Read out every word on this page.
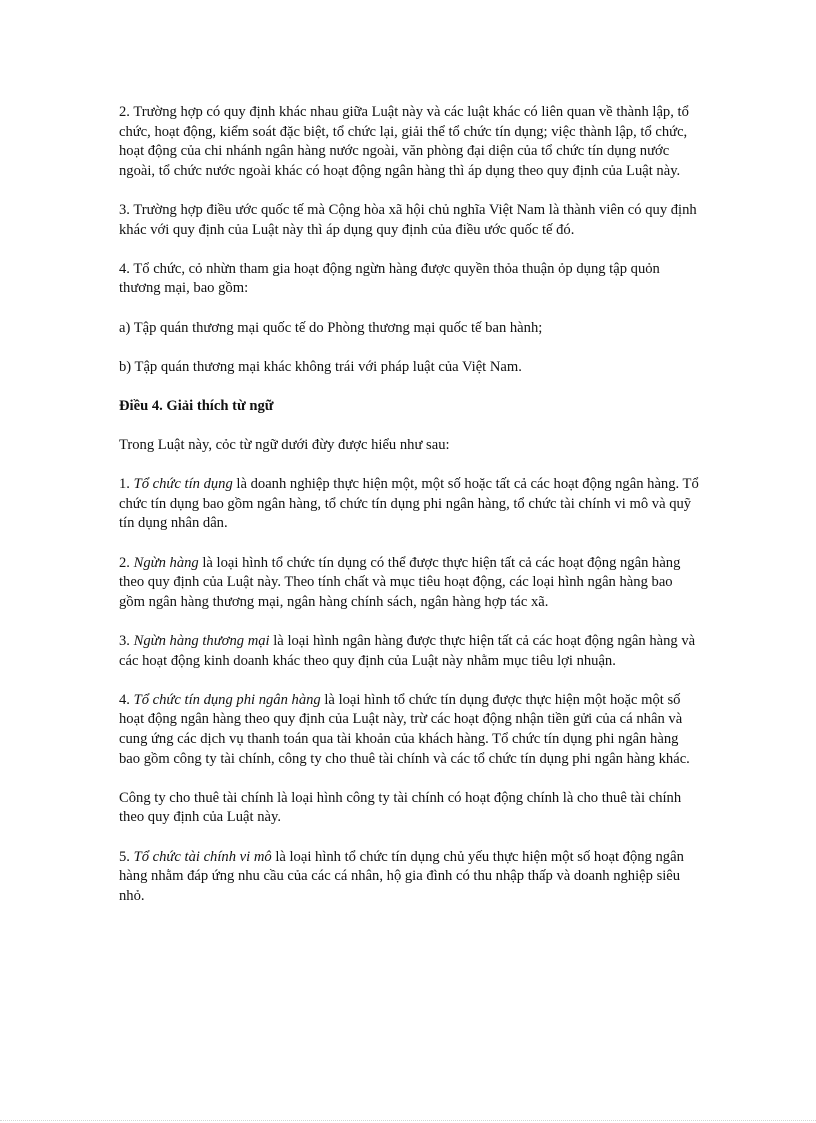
2. Trường hợp có quy định khác nhau giữa Luật này và các luật khác có liên quan về thành lập, tổ chức, hoạt động, kiểm soát đặc biệt, tổ chức lại, giải thể tổ chức tín dụng; việc thành lập, tổ chức, hoạt động của chi nhánh ngân hàng nước ngoài, văn phòng đại diện của tổ chức tín dụng nước ngoài, tổ chức nước ngoài khác có hoạt động ngân hàng thì áp dụng theo quy định của Luật này.

3. Trường hợp điều ước quốc tế mà Cộng hòa xã hội chủ nghĩa Việt Nam là thành viên có quy định khác với quy định của Luật này thì áp dụng quy định của điều ước quốc tế đó.

4. Tổ chức, cỏ nhừn tham gia hoạt động ngừn hàng được quyền thỏa thuận ỏp dụng tập quỏn thương mại, bao gồm:

a) Tập quán thương mại quốc tế do Phòng thương mại quốc tế ban hành;

b) Tập quán thương mại khác không trái với pháp luật của Việt Nam.

Điều 4. Giải thích từ ngữ

Trong Luật này, cỏc từ ngữ dưới đừy được hiểu như sau:

1. Tổ chức tín dụng là doanh nghiệp thực hiện một, một số hoặc tất cả các hoạt động ngân hàng. Tổ chức tín dụng bao gồm ngân hàng, tổ chức tín dụng phi ngân hàng, tổ chức tài chính vi mô và quỹ tín dụng nhân dân.

2. Ngừn hàng là loại hình tổ chức tín dụng có thể được thực hiện tất cả các hoạt động ngân hàng theo quy định của Luật này. Theo tính chất và mục tiêu hoạt động, các loại hình ngân hàng bao gồm ngân hàng thương mại, ngân hàng chính sách, ngân hàng hợp tác xã.

3. Ngừn hàng thương mại là loại hình ngân hàng được thực hiện tất cả các hoạt động ngân hàng và các hoạt động kinh doanh khác theo quy định của Luật này nhằm mục tiêu lợi nhuận.

4. Tổ chức tín dụng phi ngân hàng là loại hình tổ chức tín dụng được thực hiện một hoặc một số hoạt động ngân hàng theo quy định của Luật này, trừ các hoạt động nhận tiền gửi của cá nhân và cung ứng các dịch vụ thanh toán qua tài khoản của khách hàng. Tổ chức tín dụng phi ngân hàng bao gồm công ty tài chính, công ty cho thuê tài chính và các tổ chức tín dụng phi ngân hàng khác.

Công ty cho thuê tài chính là loại hình công ty tài chính có hoạt động chính là cho thuê tài chính theo quy định của Luật này.

5. Tổ chức tài chính vi mô là loại hình tổ chức tín dụng chủ yếu thực hiện một số hoạt động ngân hàng nhằm đáp ứng nhu cầu của các cá nhân, hộ gia đình có thu nhập thấp và doanh nghiệp siêu nhỏ.
